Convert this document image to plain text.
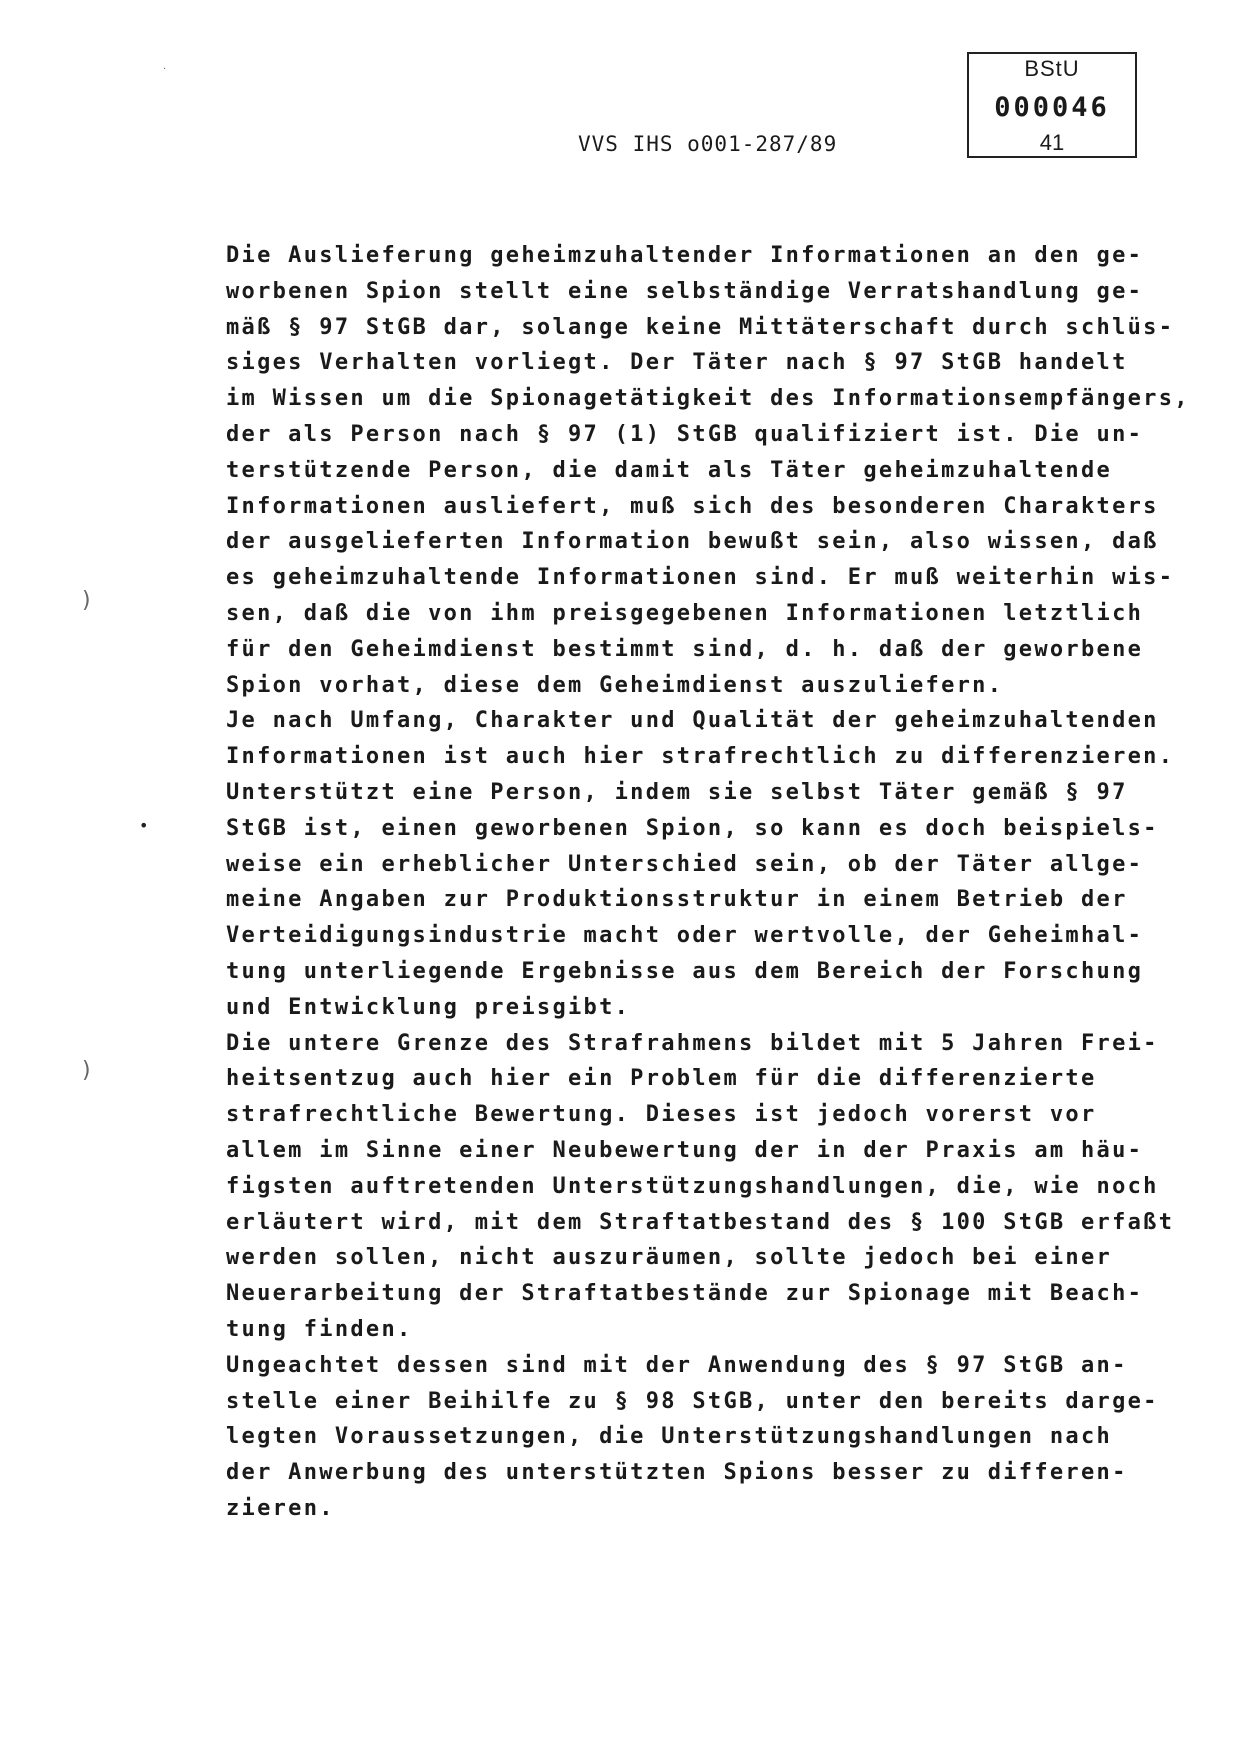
BStU
000046
41
VVS IHS o001-287/89
Die Auslieferung geheimzuhaltender Informationen an den ge-
worbenen Spion stellt eine selbständige Verratshandlung ge-
mäß § 97 StGB dar, solange keine Mittäterschaft durch schlüs-
siges Verhalten vorliegt. Der Täter nach § 97 StGB handelt
im Wissen um die Spionagetätigkeit des Informationsempfängers,
der als Person nach § 97 (1) StGB qualifiziert ist. Die un-
terstützende Person, die damit als Täter geheimzuhaltende
Informationen ausliefert, muß sich des besonderen Charakters
der ausgelieferten Information bewußt sein, also wissen, daß
es geheimzuhaltende Informationen sind. Er muß weiterhin wis-
sen, daß die von ihm preisgegebenen Informationen letztlich
für den Geheimdienst bestimmt sind, d. h. daß der geworbene
Spion vorhat, diese dem Geheimdienst auszuliefern.
Je nach Umfang, Charakter und Qualität der geheimzuhaltenden
Informationen ist auch hier strafrechtlich zu differenzieren.
Unterstützt eine Person, indem sie selbst Täter gemäß § 97
StGB ist, einen geworbenen Spion, so kann es doch beispiels-
weise ein erheblicher Unterschied sein, ob der Täter allge-
meine Angaben zur Produktionsstruktur in einem Betrieb der
Verteidigungsindustrie macht oder wertvolle, der Geheimhal-
tung unterliegende Ergebnisse aus dem Bereich der Forschung
und Entwicklung preisgibt.
Die untere Grenze des Strafrahmens bildet mit 5 Jahren Frei-
heitsentzug auch hier ein Problem für die differenzierte
strafrechtliche Bewertung. Dieses ist jedoch vorerst vor
allem im Sinne einer Neubewertung der in der Praxis am häu-
figsten auftretenden Unterstützungshandlungen, die, wie noch
erläutert wird, mit dem Straftatbestand des § 100 StGB erfaßt
werden sollen, nicht auszuräumen, sollte jedoch bei einer
Neuerarbeitung der Straftatbestände zur Spionage mit Beach-
tung finden.
Ungeachtet dessen sind mit der Anwendung des § 97 StGB an-
stelle einer Beihilfe zu § 98 StGB, unter den bereits darge-
legten Voraussetzungen, die Unterstützungshandlungen nach
der Anwerbung des unterstützten Spions besser zu differen-
zieren.
·
)
•
)
